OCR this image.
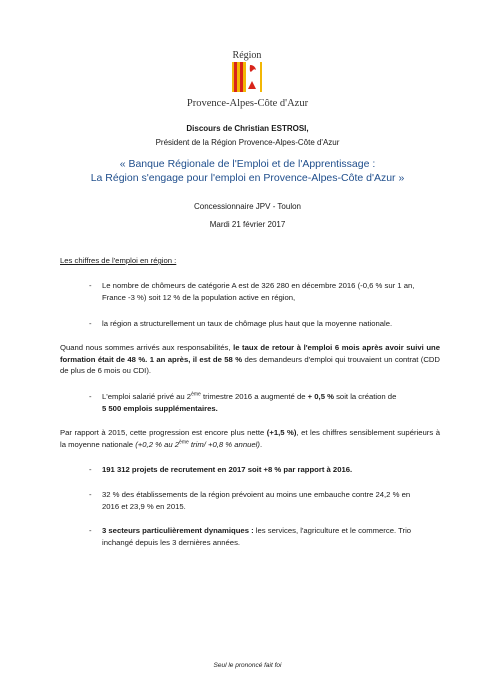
Région
Provence-Alpes-Côte d'Azur
Discours de Christian ESTROSI,
Président de la Région Provence-Alpes-Côte d'Azur
« Banque Régionale de l'Emploi et de l'Apprentissage :
La Région s'engage pour l'emploi en Provence-Alpes-Côte d'Azur »
Concessionnaire JPV - Toulon
Mardi 21 février 2017
Les chiffres de l'emploi en région :
- Le nombre de chômeurs de catégorie A est de 326 280 en décembre 2016 (-0,6 % sur 1 an,
France -3 %) soit 12 % de la population active en région,
- la région a structurellement un taux de chômage plus haut que la moyenne nationale.
Quand nous sommes arrivés aux responsabilités, le taux de retour à l'emploi 6 mois après avoir suivi une formation était de 48 %. 1 an après, il est de 58 % des demandeurs d'emploi qui trouvaient un contrat (CDD de plus de 6 mois ou CDI).
- L'emploi salarié privé au 2ème trimestre 2016 a augmenté de + 0,5 % soit la création de
5 500 emplois supplémentaires.
Par rapport à 2015, cette progression est encore plus nette (+1,5 %), et les chiffres sensiblement supérieurs à la moyenne nationale (+0,2 % au 2ème trim/ +0,8 % annuel).
- 191 312 projets de recrutement en 2017 soit +8 % par rapport à 2016.
- 32 % des établissements de la région prévoient au moins une embauche contre 24,2 % en
2016 et 23,9 % en 2015.
- 3 secteurs particulièrement dynamiques : les services, l'agriculture et le commerce. Trio inchangé depuis les 3 dernières années.
Seul le prononcé fait foi
